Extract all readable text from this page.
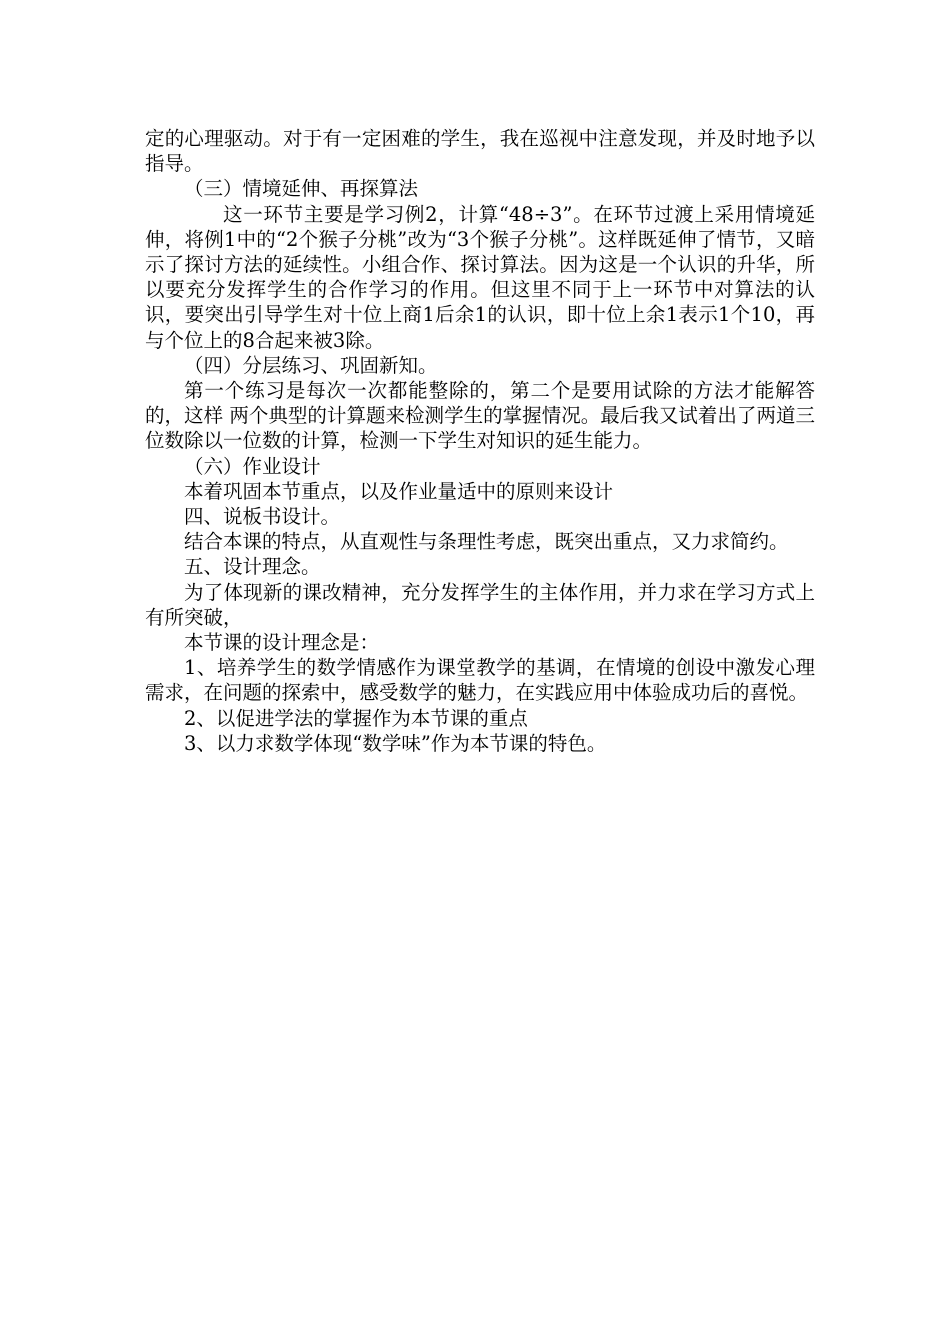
定的心理驱动。对于有一定困难的学生，我在巡视中注意发现，并及时地予以指导。

（三）情境延伸、再探算法

这一环节主要是学习例2，计算“48÷3”。在环节过渡上采用情境延伸，将例1中的“2个猴子分桃”改为“3个猴子分桃”。这样既延伸了情节，又暗示了探讨方法的延续性。小组合作、探讨算法。因为这是一个认识的升华，所以要充分发挥学生的合作学习的作用。但这里不同于上一环节中对算法的认识，要突出引导学生对十位上商1后余1的认识，即十位上余1表示1个10，再与个位上的8合起来被3除。

（四）分层练习、巩固新知。

第一个练习是每次一次都能整除的，第二个是要用试除的方法才能解答的，这样 两个典型的计算题来检测学生的掌握情况。最后我又试着出了两道三位数除以一位数的计算，检测一下学生对知识的延生能力。

（六）作业设计

本着巩固本节重点，以及作业量适中的原则来设计

四、说板书设计。

结合本课的特点，从直观性与条理性考虑，既突出重点，又力求简约。

五、设计理念。

为了体现新的课改精神，充分发挥学生的主体作用，并力求在学习方式上有所突破，

本节课的设计理念是：

1、培养学生的数学情感作为课堂教学的基调，在情境的创设中激发心理需求，在问题的探索中，感受数学的魅力，在实践应用中体验成功后的喜悦。

2、以促进学法的掌握作为本节课的重点

3、以力求数学体现“数学味”作为本节课的特色。
